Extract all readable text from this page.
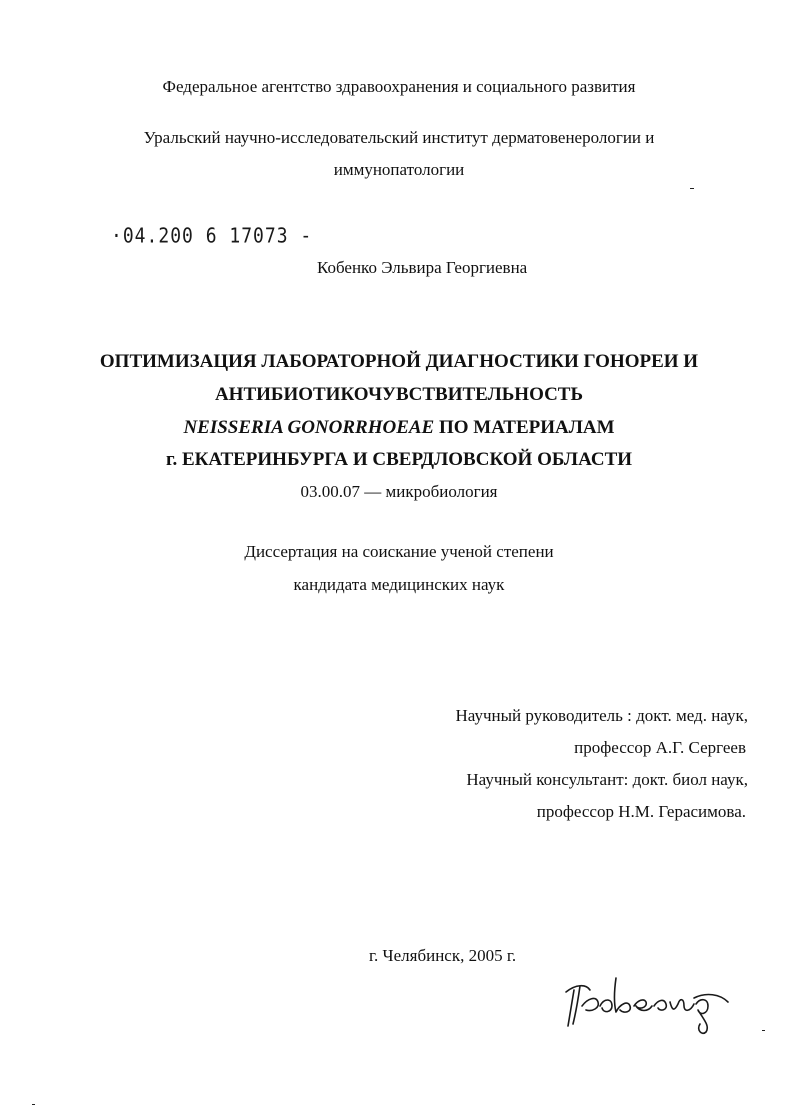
Федеральное агентство здравоохранения и социального развития
Уральский научно-исследовательский институт дерматовенерологии и
иммунопатологии
·04.200 6 17073 -
Кобенко Эльвира Георгиевна
ОПТИМИЗАЦИЯ ЛАБОРАТОРНОЙ ДИАГНОСТИКИ ГОНОРЕИ И
АНТИБИОТИКОЧУВСТВИТЕЛЬНОСТЬ
NEISSERIA GONORRHOEAE ПО МАТЕРИАЛАМ
г. ЕКАТЕРИНБУРГА И СВЕРДЛОВСКОЙ ОБЛАСТИ
03.00.07 — микробиология
Диссертация на соискание ученой степени
кандидата медицинских наук
Научный руководитель : докт. мед. наук,
профессор А.Г. Сергеев
Научный консультант: докт. биол наук,
профессор Н.М. Герасимова.
г. Челябинск, 2005 г.
